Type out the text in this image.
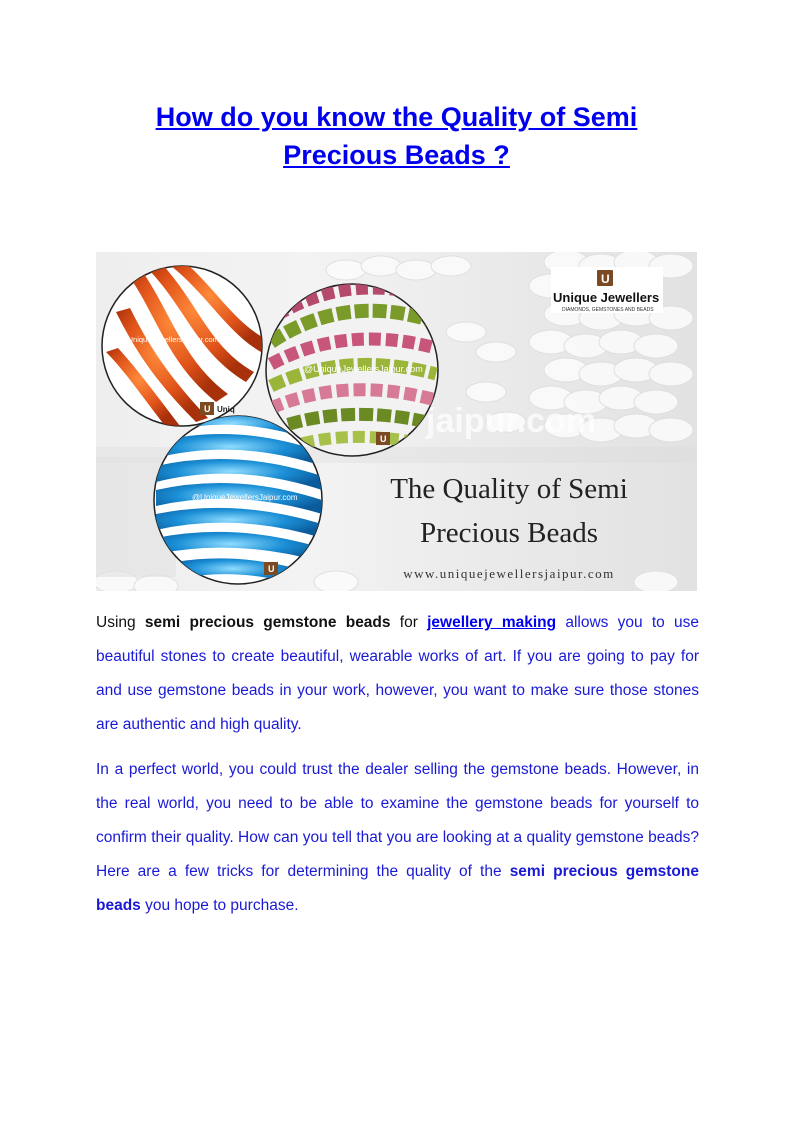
How do you know the Quality of Semi Precious Beads ?
jaipur.com
@UniqueJewellersJaipur.com
U Uniq
@UniqueJewellersJaipur.com
U
@UniqueJewellersJaipur.com
U
U
Unique Jewellers
DIAMONDS, GEMSTONES AND BEADS
The Quality of Semi
Precious Beads
www.uniquejewellersjaipur.com

Using semi precious gemstone beads for jewellery making allows you to use beautiful stones to create beautiful, wearable works of art. If you are going to pay for and use gemstone beads in your work, however, you want to make sure those stones are authentic and high quality.

In a perfect world, you could trust the dealer selling the gemstone beads. However, in the real world, you need to be able to examine the gemstone beads for yourself to confirm their quality. How can you tell that you are looking at a quality gemstone beads? Here are a few tricks for determining the quality of the semi precious gemstone beads you hope to purchase.
